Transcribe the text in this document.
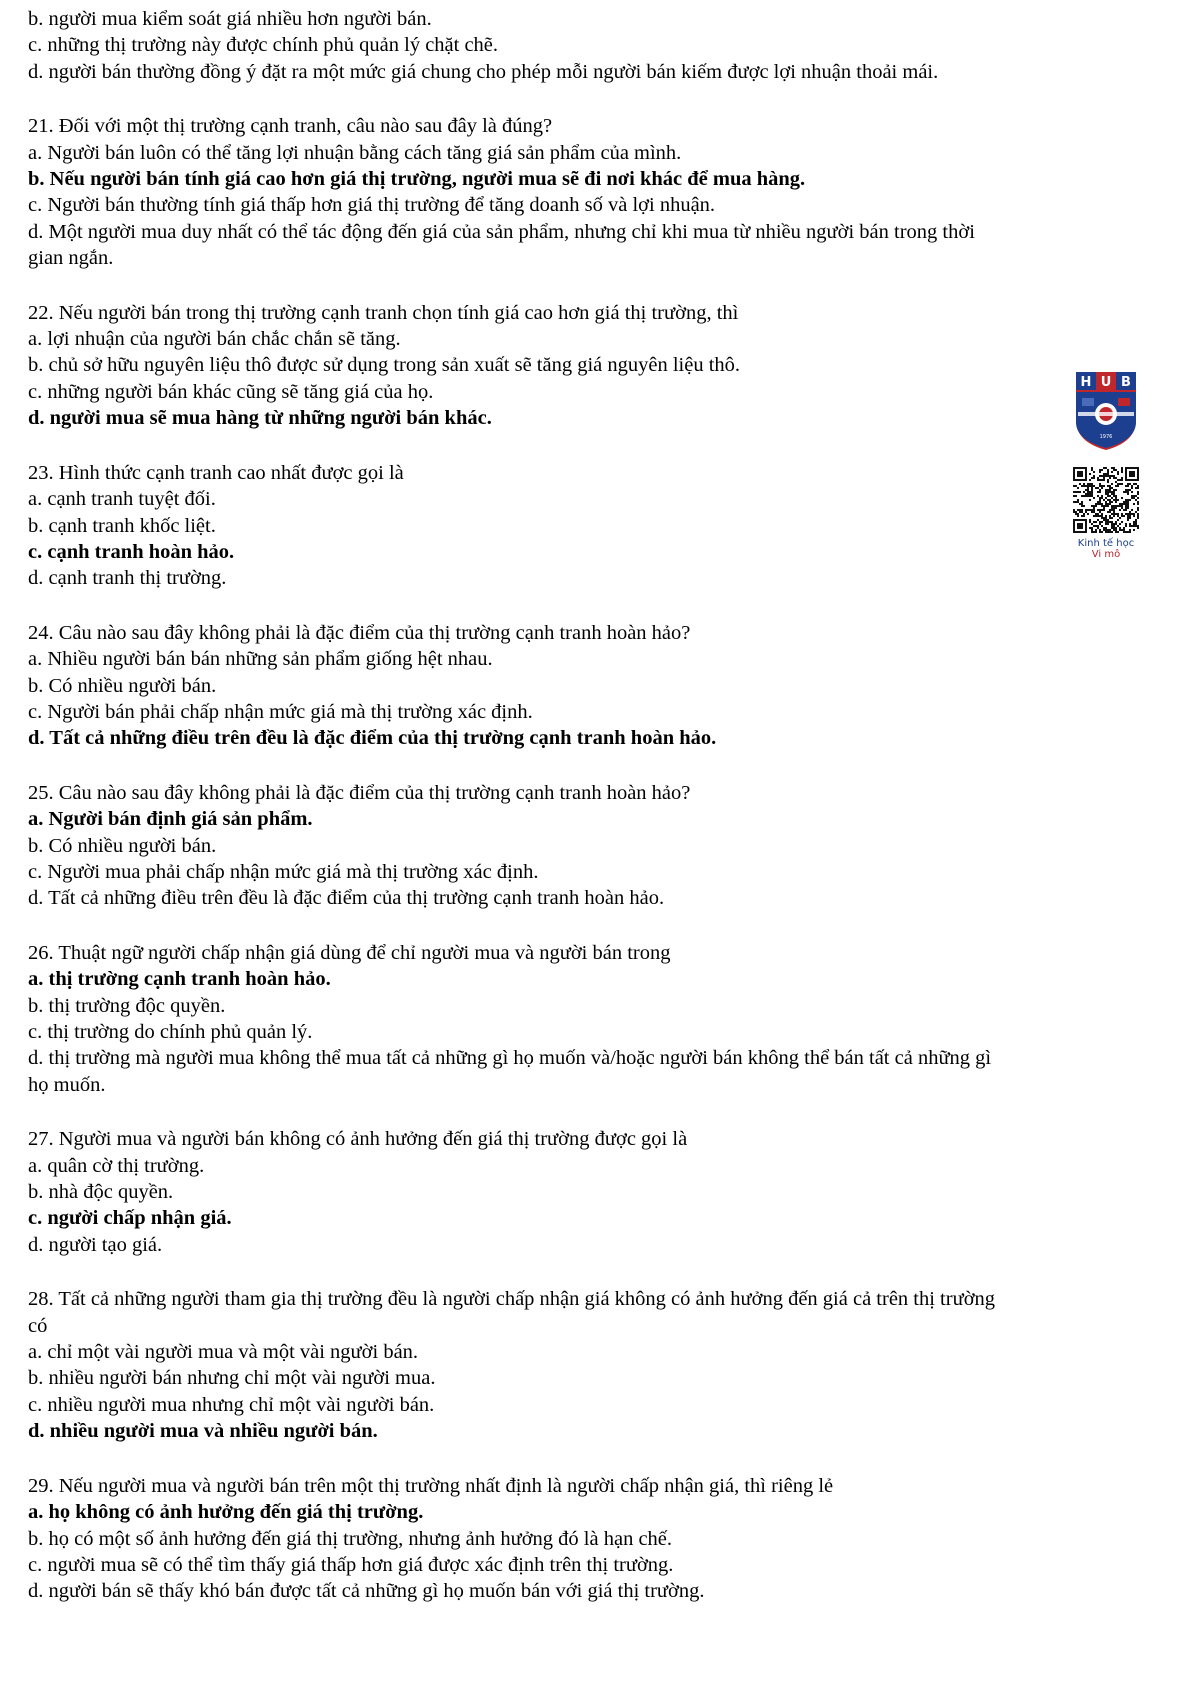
b. người mua kiểm soát giá nhiều hơn người bán.
c. những thị trường này được chính phủ quản lý chặt chẽ.
d. người bán thường đồng ý đặt ra một mức giá chung cho phép mỗi người bán kiếm được lợi nhuận thoải mái.
21. Đối với một thị trường cạnh tranh, câu nào sau đây là đúng?
a. Người bán luôn có thể tăng lợi nhuận bằng cách tăng giá sản phẩm của mình.
b. Nếu người bán tính giá cao hơn giá thị trường, người mua sẽ đi nơi khác để mua hàng.
c. Người bán thường tính giá thấp hơn giá thị trường để tăng doanh số và lợi nhuận.
d. Một người mua duy nhất có thể tác động đến giá của sản phẩm, nhưng chỉ khi mua từ nhiều người bán trong thời
gian ngắn.
22. Nếu người bán trong thị trường cạnh tranh chọn tính giá cao hơn giá thị trường, thì
a. lợi nhuận của người bán chắc chắn sẽ tăng.
b. chủ sở hữu nguyên liệu thô được sử dụng trong sản xuất sẽ tăng giá nguyên liệu thô.
c. những người bán khác cũng sẽ tăng giá của họ.
d. người mua sẽ mua hàng từ những người bán khác.
23. Hình thức cạnh tranh cao nhất được gọi là
a. cạnh tranh tuyệt đối.
b. cạnh tranh khốc liệt.
c. cạnh tranh hoàn hảo.
d. cạnh tranh thị trường.
24. Câu nào sau đây không phải là đặc điểm của thị trường cạnh tranh hoàn hảo?
a. Nhiều người bán bán những sản phẩm giống hệt nhau.
b. Có nhiều người bán.
c. Người bán phải chấp nhận mức giá mà thị trường xác định.
d. Tất cả những điều trên đều là đặc điểm của thị trường cạnh tranh hoàn hảo.
25. Câu nào sau đây không phải là đặc điểm của thị trường cạnh tranh hoàn hảo?
a. Người bán định giá sản phẩm.
b. Có nhiều người bán.
c. Người mua phải chấp nhận mức giá mà thị trường xác định.
d. Tất cả những điều trên đều là đặc điểm của thị trường cạnh tranh hoàn hảo.
26. Thuật ngữ người chấp nhận giá dùng để chỉ người mua và người bán trong
a. thị trường cạnh tranh hoàn hảo.
b. thị trường độc quyền.
c. thị trường do chính phủ quản lý.
d. thị trường mà người mua không thể mua tất cả những gì họ muốn và/hoặc người bán không thể bán tất cả những gì
họ muốn.
27. Người mua và người bán không có ảnh hưởng đến giá thị trường được gọi là
a. quân cờ thị trường.
b. nhà độc quyền.
c. người chấp nhận giá.
d. người tạo giá.
28. Tất cả những người tham gia thị trường đều là người chấp nhận giá không có ảnh hưởng đến giá cả trên thị trường
có
a. chỉ một vài người mua và một vài người bán.
b. nhiều người bán nhưng chỉ một vài người mua.
c. nhiều người mua nhưng chỉ một vài người bán.
d. nhiều người mua và nhiều người bán.
29. Nếu người mua và người bán trên một thị trường nhất định là người chấp nhận giá, thì riêng lẻ
a. họ không có ảnh hưởng đến giá thị trường.
b. họ có một số ảnh hưởng đến giá thị trường, nhưng ảnh hưởng đó là hạn chế.
c. người mua sẽ có thể tìm thấy giá thấp hơn giá được xác định trên thị trường.
d. người bán sẽ thấy khó bán được tất cả những gì họ muốn bán với giá thị trường.
H U B
1976
Kinh tế học
Vi mô
